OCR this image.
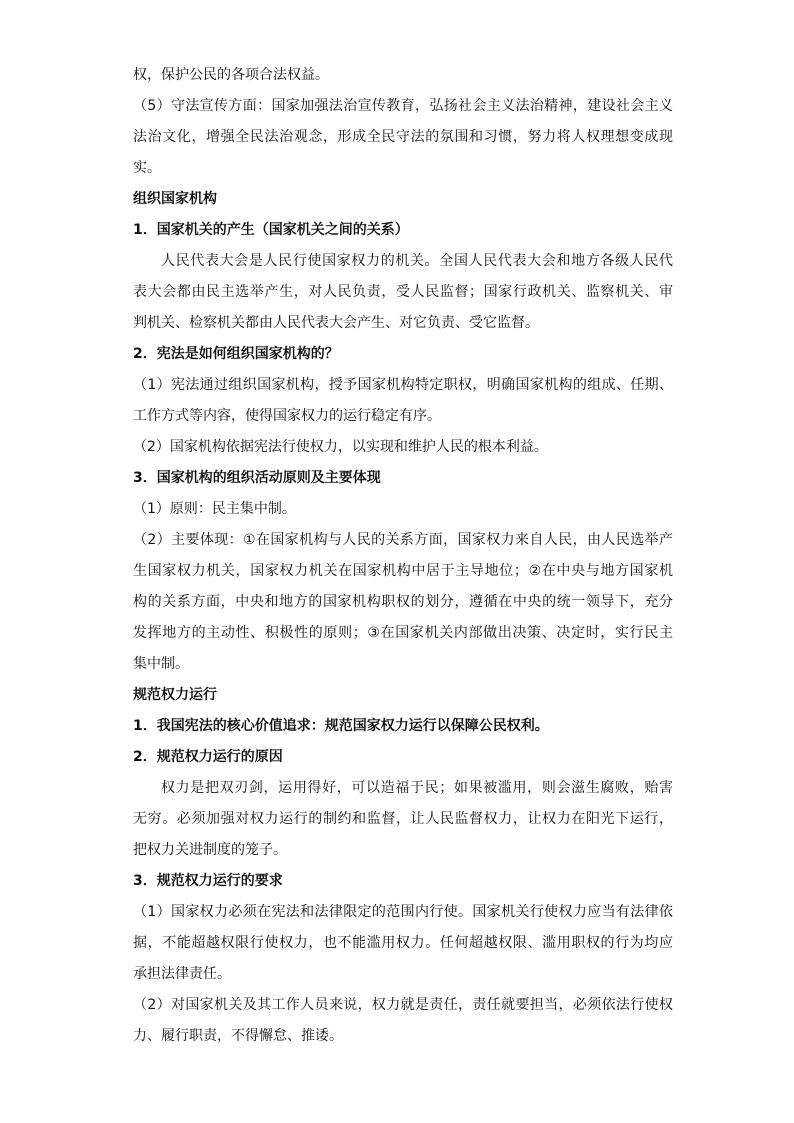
权，保护公民的各项合法权益。
（5）守法宣传方面：国家加强法治宣传教育，弘扬社会主义法治精神，建设社会主义
法治文化，增强全民法治观念，形成全民守法的氛围和习惯，努力将人权理想变成现
实。
组织国家机构
1．国家机关的产生（国家机关之间的关系）
人民代表大会是人民行使国家权力的机关。全国人民代表大会和地方各级人民代
表大会都由民主选举产生，对人民负责，受人民监督；国家行政机关、监察机关、审
判机关、检察机关都由人民代表大会产生、对它负责、受它监督。
2．宪法是如何组织国家机构的？
（1）宪法通过组织国家机构，授予国家机构特定职权，明确国家机构的组成、任期、
工作方式等内容，使得国家权力的运行稳定有序。
（2）国家机构依据宪法行使权力，以实现和维护人民的根本利益。
3．国家机构的组织活动原则及主要体现
（1）原则：民主集中制。
（2）主要体现：①在国家机构与人民的关系方面，国家权力来自人民，由人民选举产
生国家权力机关，国家权力机关在国家机构中居于主导地位；②在中央与地方国家机
构的关系方面，中央和地方的国家机构职权的划分，遵循在中央的统一领导下，充分
发挥地方的主动性、积极性的原则；③在国家机关内部做出决策、决定时，实行民主
集中制。
规范权力运行
1．我国宪法的核心价值追求：规范国家权力运行以保障公民权利。
2．规范权力运行的原因
权力是把双刃剑，运用得好，可以造福于民；如果被滥用，则会滋生腐败，贻害
无穷。必须加强对权力运行的制约和监督，让人民监督权力，让权力在阳光下运行，
把权力关进制度的笼子。
3．规范权力运行的要求
（1）国家权力必须在宪法和法律限定的范围内行使。国家机关行使权力应当有法律依
据，不能超越权限行使权力，也不能滥用权力。任何超越权限、滥用职权的行为均应
承担法律责任。
（2）对国家机关及其工作人员来说，权力就是责任，责任就要担当，必须依法行使权
力、履行职责，不得懈怠、推诿。
